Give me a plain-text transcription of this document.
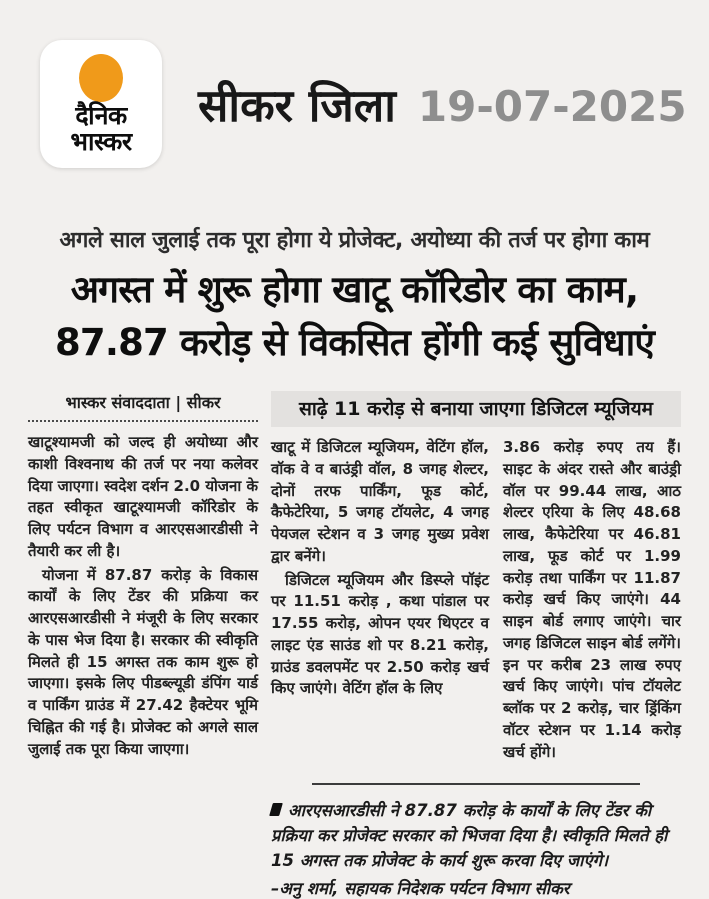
दैनिक
भास्कर
सीकर जिला 19-07-2025
अगले साल जुलाई तक पूरा होगा ये प्रोजेक्ट, अयोध्या की तर्ज पर होगा काम
अगस्त में शुरू होगा खाटू कॉरिडोर का काम,
87.87 करोड़ से विकसित होंगी कई सुविधाएं
भास्कर संवाददाता | सीकर

खाटूश्यामजी को जल्द ही अयोध्या और काशी विश्वनाथ की तर्ज पर नया कलेवर दिया जाएगा। स्वदेश दर्शन 2.0 योजना के तहत स्वीकृत खाटूश्यामजी कॉरिडोर के लिए पर्यटन विभाग व आरएसआरडीसी ने तैयारी कर ली है।

योजना में 87.87 करोड़ के विकास कार्यों के लिए टेंडर की प्रक्रिया कर आरएसआरडीसी ने मंजूरी के लिए सरकार के पास भेज दिया है। सरकार की स्वीकृति मिलते ही 15 अगस्त तक काम शुरू हो जाएगा। इसके लिए पीडब्ल्यूडी डंपिंग यार्ड व पार्किंग ग्राउंड में 27.42 हैक्टेयर भूमि चिह्नित की गई है। प्रोजेक्ट को अगले साल जुलाई तक पूरा किया जाएगा।

साढ़े 11 करोड़ से बनाया जाएगा डिजिटल म्यूजियम

खाटू में डिजिटल म्यूजियम, वेटिंग हॉल, वॉक वे व बाउंड्री वॉल, 8 जगह शेल्टर, दोनों तरफ पार्किंग, फूड कोर्ट, कैफेटेरिया, 5 जगह टॉयलेट, 4 जगह पेयजल स्टेशन व 3 जगह मुख्य प्रवेश द्वार बनेंगे।

डिजिटल म्यूजियम और डिस्प्ले पॉइंट पर 11.51 करोड़ , कथा पांडाल पर 17.55 करोड़, ओपन एयर थिएटर व लाइट एंड साउंड शो पर 8.21 करोड़, ग्राउंड डवलपमेंट पर 2.50 करोड़ खर्च किए जाएंगे। वेटिंग हॉल के लिए

3.86 करोड़ रुपए तय हैं। साइट के अंदर रास्ते और बाउंड्री वॉल पर 99.44 लाख, आठ शेल्टर एरिया के लिए 48.68 लाख, कैफेटेरिया पर 46.81 लाख, फूड कोर्ट पर 1.99 करोड़ तथा पार्किंग पर 11.87 करोड़ खर्च किए जाएंगे। 44 साइन बोर्ड लगाए जाएंगे। चार जगह डिजिटल साइन बोर्ड लगेंगे। इन पर करीब 23 लाख रुपए खर्च किए जाएंगे। पांच टॉयलेट ब्लॉक पर 2 करोड़, चार ड्रिंकिंग वॉटर स्टेशन पर 1.14 करोड़ खर्च होंगे।

आरएसआरडीसी ने 87.87 करोड़ के कार्यों के लिए टेंडर की प्रक्रिया कर प्रोजेक्ट सरकार को भिजवा दिया है। स्वीकृति मिलते ही 15 अगस्त तक प्रोजेक्ट के कार्य शुरू करवा दिए जाएंगे।
–अनु शर्मा, सहायक निदेशक पर्यटन विभाग सीकर
